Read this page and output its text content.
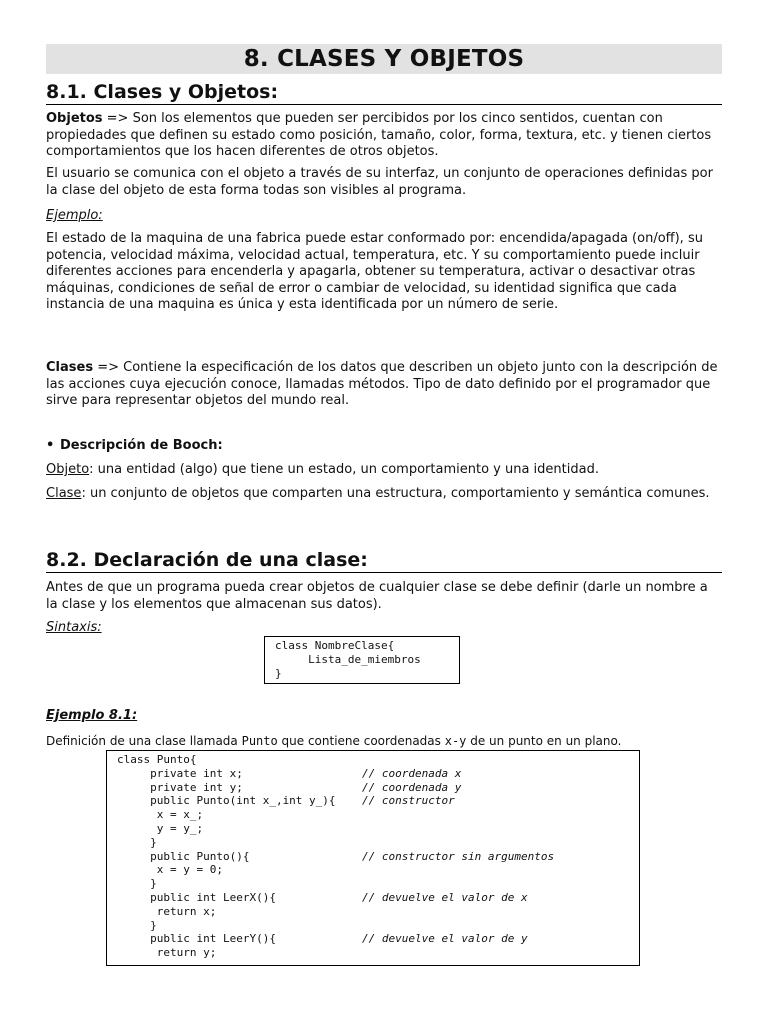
8. CLASES Y OBJETOS
8.1. Clases y Objetos:

Objetos => Son los elementos que pueden ser percibidos por los cinco sentidos, cuentan con propiedades que definen su estado como posición, tamaño, color, forma, textura, etc. y tienen ciertos comportamientos que los hacen diferentes de otros objetos.

El usuario se comunica con el objeto a través de su interfaz, un conjunto de operaciones definidas por la clase del objeto de esta forma todas son visibles al programa.

Ejemplo:

El estado de la maquina de una fabrica puede estar conformado por: encendida/apagada (on/off), su potencia, velocidad máxima, velocidad actual, temperatura, etc. Y su comportamiento puede incluir diferentes acciones para encenderla y apagarla, obtener su temperatura, activar o desactivar otras máquinas, condiciones de señal de error o cambiar de velocidad, su identidad significa que cada instancia de una maquina es única y esta identificada por un número de serie.

Clases => Contiene la especificación de los datos que describen un objeto junto con la descripción de las acciones cuya ejecución conoce, llamadas métodos. Tipo de dato definido por el programador que sirve para representar objetos del mundo real.

• Descripción de Booch:

Objeto: una entidad (algo) que tiene un estado, un comportamiento y una identidad.

Clase: un conjunto de objetos que comparten una estructura, comportamiento y semántica comunes.

8.2. Declaración de una clase:

Antes de que un programa pueda crear objetos de cualquier clase se debe definir (darle un nombre a la clase y los elementos que almacenan sus datos).

Sintaxis:
class NombreClase{
Lista_de_miembros
}
Ejemplo 8.1:
Definición de una clase llamada Punto que contiene coordenadas x-y de un punto en un plano.
class Punto{
private int x;                  // coordenada x
private int y;                  // coordenada y
public Punto(int x_,int y_){    // constructor
x = x_;
y = y_;
}
public Punto(){                 // constructor sin argumentos
x = y = 0;
}
public int LeerX(){             // devuelve el valor de x
return x;
}
public int LeerY(){             // devuelve el valor de y
return y;
